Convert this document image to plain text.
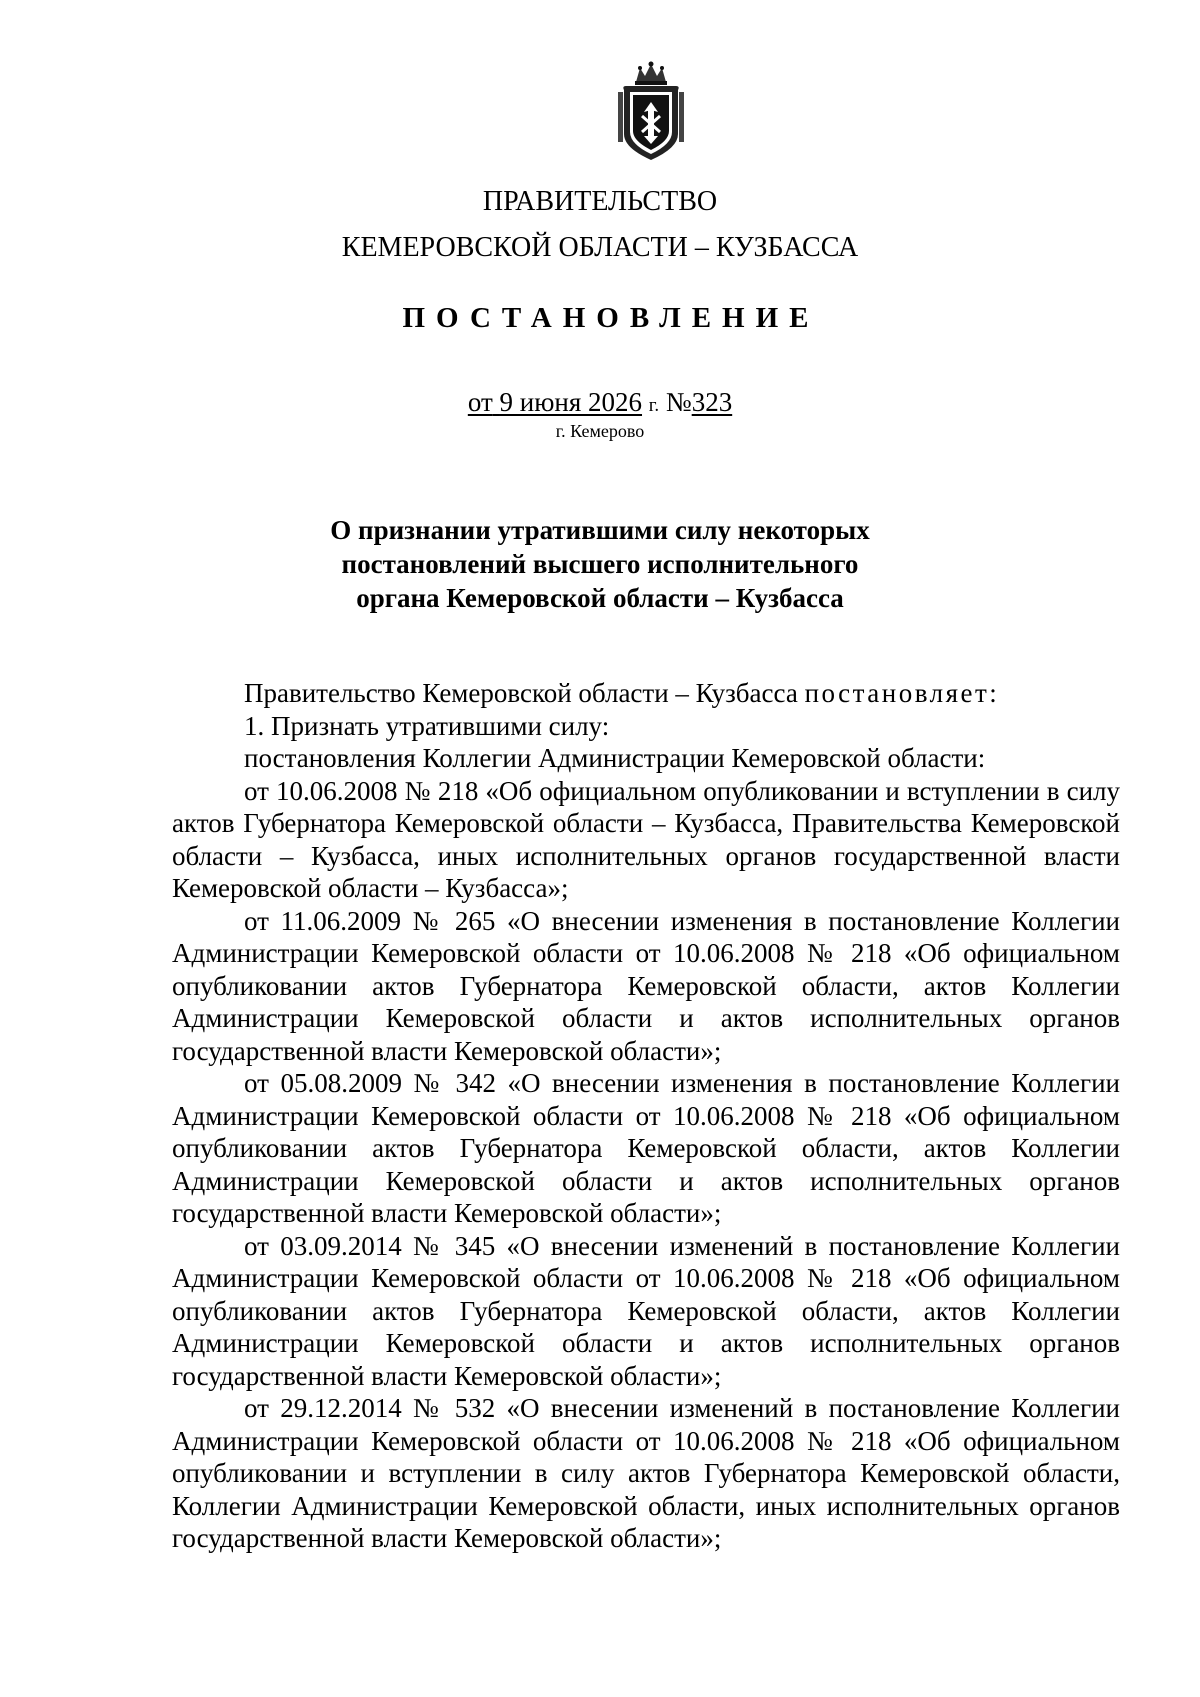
ПРАВИТЕЛЬСТВО
КЕМЕРОВСКОЙ ОБЛАСТИ – КУЗБАССА
ПОСТАНОВЛЕНИЕ
от 9 июня 2026 г. №323
г. Кемерово
О признании утратившими силу некоторых
постановлений высшего исполнительного
органа Кемеровской области – Кузбасса

Правительство Кемеровской области – Кузбасса постановляет:

1. Признать утратившими силу:

постановления Коллегии Администрации Кемеровской области:

от 10.06.2008 № 218 «Об официальном опубликовании и вступлении в силу актов Губернатора Кемеровской области – Кузбасса, Правительства Кемеровской области – Кузбасса, иных исполнительных органов государственной власти Кемеровской области – Кузбасса»;

от 11.06.2009 № 265 «О внесении изменения в постановление Коллегии Администрации Кемеровской области от 10.06.2008 № 218 «Об официальном опубликовании актов Губернатора Кемеровской области, актов Коллегии Администрации Кемеровской области и актов исполнительных органов государственной власти Кемеровской области»;

от 05.08.2009 № 342 «О внесении изменения в постановление Коллегии Администрации Кемеровской области от 10.06.2008 № 218 «Об официальном опубликовании актов Губернатора Кемеровской области, актов Коллегии Администрации Кемеровской области и актов исполнительных органов государственной власти Кемеровской области»;

от 03.09.2014 № 345 «О внесении изменений в постановление Коллегии Администрации Кемеровской области от 10.06.2008 № 218 «Об официальном опубликовании актов Губернатора Кемеровской области, актов Коллегии Администрации Кемеровской области и актов исполнительных органов государственной власти Кемеровской области»;

от 29.12.2014 № 532 «О внесении изменений в постановление Коллегии Администрации Кемеровской области от 10.06.2008 № 218 «Об официальном опубликовании и вступлении в силу актов Губернатора Кемеровской области, Коллегии Администрации Кемеровской области, иных исполнительных органов государственной власти Кемеровской области»;
